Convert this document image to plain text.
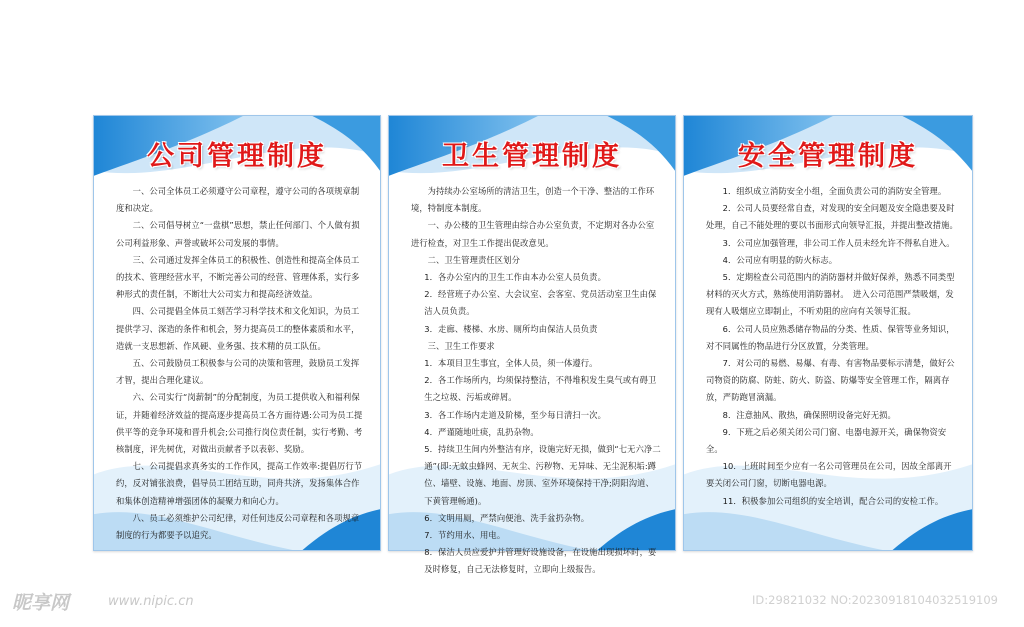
公司管理制度

一、公司全体员工必须遵守公司章程，遵守公司的各项规章制度和决定。

二、公司倡导树立“一盘棋”思想，禁止任何部门、个人做有损公司利益形象、声誉或破坏公司发展的事情。

三、公司通过发挥全体员工的积极性、创造性和提高全体员工的技术、管理经营水平，不断完善公司的经营、管理体系，实行多种形式的责任制，不断壮大公司实力和提高经济效益。

四、公司提倡全体员工刻苦学习科学技术和文化知识，为员工提供学习、深造的条件和机会，努力提高员工的整体素质和水平，造就一支思想新、作风硬、业务强、技术精的员工队伍。

五、公司鼓励员工积极参与公司的决策和管理，鼓励员工发挥才智，提出合理化建议。

六、公司实行“岗薪制”的分配制度，为员工提供收入和福利保证，并随着经济效益的提高逐步提高员工各方面待遇:公司为员工提供平等的竞争环境和晋升机会;公司推行岗位责任制，实行考勤、考核制度，评先树优，对做出贡献者予以表彰、奖励。

七、公司提倡求真务实的工作作风，提高工作效率:提倡厉行节约，反对铺张浪费，倡导员工团结互助，同舟共济，发扬集体合作和集体创造精神增强团体的凝聚力和向心力。

八、员工必须维护公司纪律，对任何违反公司章程和各项规章制度的行为都要予以追究。

卫生管理制度

为持续办公室场所的清洁卫生，创造一个干净、整洁的工作环境，特制度本制度。

一、办公楼的卫生管理由综合办公室负责，不定期对各办公室进行检查，对卫生工作提出促改意见。

二、卫生管理责任区划分

1．各办公室内的卫生工作由本办公室人员负责。

2．经营班子办公室、大会议室、会客室、党员活动室卫生由保洁人员负责。

3．走廊、楼梯、水房、厕所均由保洁人员负责

三、卫生工作要求

1．本项目卫生事宜，全体人员，须一体遵行。

2．各工作场所内，均须保持整洁，不得堆积发生臭气或有碍卫生之垃圾、污垢或碎屑。

3．各工作场内走道及阶梯，至少每日清扫一次。

4．严谨随地吐痰，乱扔杂物。

5．持续卫生间内外整洁有序，设施完好无损，做到“七无六净二通”(即:无蚊虫蜂网、无灰尘、污秽物、无异味、无尘泥积垢:蹲位、墙壁、设施、地面、房顶、室外环境保持干净;阴阳沟道、下黄管理畅通)。

6．文明用厕，严禁向便池、洗手盆扔杂物。

7．节约用水、用电。

8．保洁人员应爱护并管理好设施设备，在设施出现损坏时，要及时修复，自己无法修复时，立即向上级报告。

安全管理制度

1．组织成立消防安全小组，全面负责公司的消防安全管理。

2．公司人员要经常自查，对发现的安全问题及安全隐患要及时处理，自己不能处理的要以书面形式向领导汇报，并提出整改措施。

3．公司应加强管理，非公司工作人员未经允许不得私自进入。

4．公司应有明显的防火标志。

5．定期检查公司范围内的消防器材并做好保养，熟悉不同类型材料的灭火方式，熟练使用消防器材。　进入公司范围严禁吸烟，发现有人吸烟应立即制止，不听劝阻的应向有关领导汇报。

6．公司人员应熟悉储存物品的分类、性质、保管等业务知识，对不同属性的物品进行分区放置，分类管理。

7．对公司的易燃、易爆、有毒、有害物品要标示清楚，做好公司物资的防腐、防蛀、防火、防盗、防爆等安全管理工作，隔离存放，严防跑冒滴漏。

8．注意抽风、散热，确保照明设备完好无损。

9．下班之后必须关闭公司门窗、电器电源开关，确保物资安全。

10．上班时间至少应有一名公司管理员在公司，因故全部离开要关闭公司门窗，切断电器电源。

11．积极参加公司组织的安全培训，配合公司的安检工作。

昵享网	www.nipic.cn	ID:29821032 NO:20230918104032519109
